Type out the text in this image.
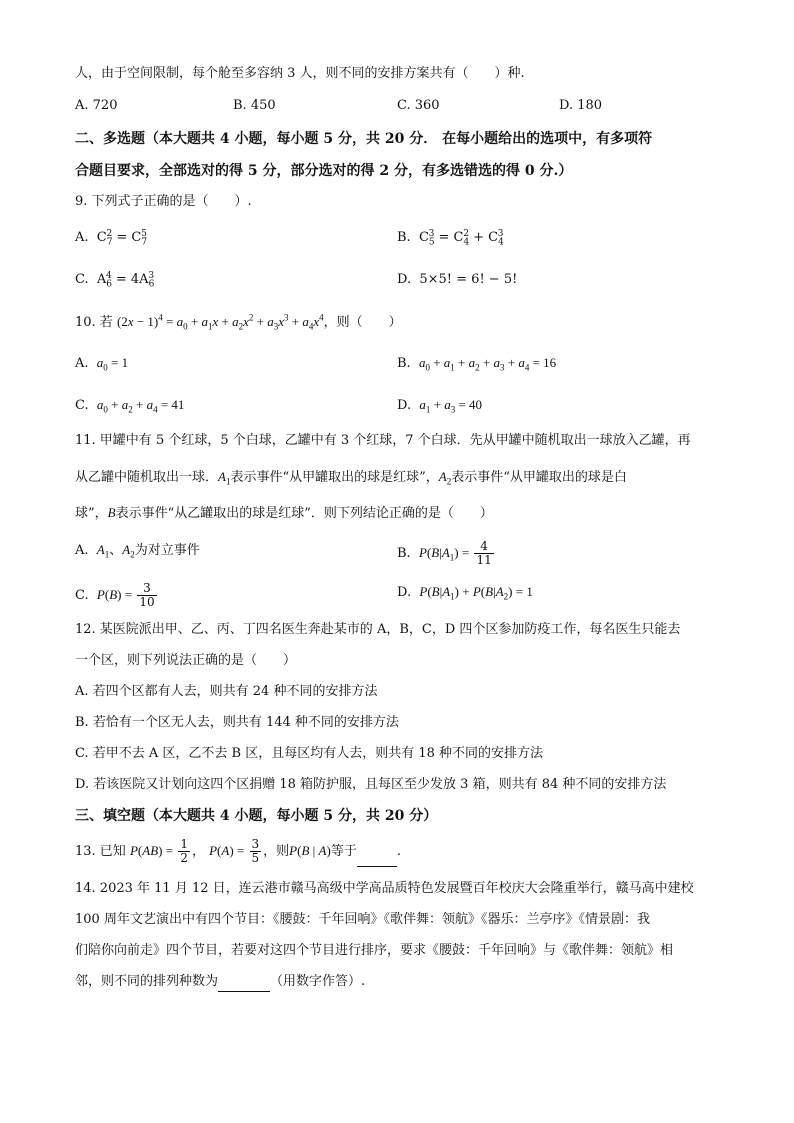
人，由于空间限制，每个舱至多容纳 3 人，则不同的安排方案共有（　　）种.
A. 720	B. 450	C. 360	D. 180
二、多选题（本大题共 4 小题，每小题 5 分，共 20 分． 在每小题给出的选项中，有多项符
合题目要求，全部选对的得 5 分，部分选对的得 2 分，有多选错选的得 0 分.）
9. 下列式子正确的是（　　）.
A. $C_7^2 = C_7^5$	B. $C_5^3 = C_4^2 + C_4^3$
C. $A_6^4 = 4A_6^3$	D. 5×5! = 6! − 5!
10. 若 $(2x - 1)^4 = a_0 + a_1x + a_2x^2 + a_3x^3 + a_4x^4$，则（　　）
A. $a_0 = 1$	B. $a_0 + a_1 + a_2 + a_3 + a_4 = 16$
C. $a_0 + a_2 + a_4 = 41$	D. $a_1 + a_3 = 40$
11. 甲罐中有 5 个红球，5 个白球，乙罐中有 3 个红球，7 个白球．先从甲罐中随机取出一球放入乙罐，再
从乙罐中随机取出一球．$A_1$表示事件“从甲罐取出的球是红球”，$A_2$表示事件“从甲罐取出的球是白
球”，B表示事件“从乙罐取出的球是红球”．则下列结论正确的是（　　）
A. $A_1$、$A_2$为对立事件	B. $P(B|A_1) = \frac{4}{11}$
C. $P(B) = \frac{3}{10}$	D. $P(B|A_1) + P(B|A_2) = 1$
12. 某医院派出甲、乙、丙、丁四名医生奔赴某市的 A，B，C，D 四个区参加防疫工作，每名医生只能去
一个区，则下列说法正确的是（　　）
A. 若四个区都有人去，则共有 24 种不同的安排方法
B. 若恰有一个区无人去，则共有 144 种不同的安排方法
C. 若甲不去 A 区，乙不去 B 区，且每区均有人去，则共有 18 种不同的安排方法
D. 若该医院又计划向这四个区捐赠 18 箱防护服，且每区至少发放 3 箱，则共有 84 种不同的安排方法
三、填空题（本大题共 4 小题，每小题 5 分，共 20 分）
13. 已知 $P(AB) = \frac{1}{2}$ ， $P(A) = \frac{3}{5}$ ，则P(B | A)等于	.
14. 2023 年 11 月 12 日，连云港市赣马高级中学高品质特色发展暨百年校庆大会隆重举行，赣马高中建校
100 周年文艺演出中有四个节目：《腰鼓：千年回响》《歌伴舞：领航》《器乐：兰亭序》《情景剧：我
们陪你向前走》四个节目，若要对这四个节目进行排序，要求《腰鼓：千年回响》与《歌伴舞：领航》相
邻，则不同的排列种数为	（用数字作答）.
